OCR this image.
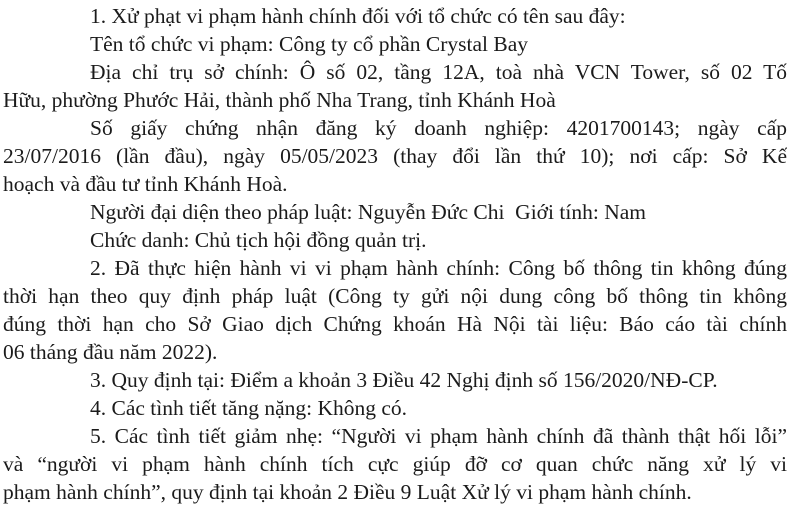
1. Xử phạt vi phạm hành chính đối với tổ chức có tên sau đây:
Tên tổ chức vi phạm: Công ty cổ phần Crystal Bay
Địa chỉ trụ sở chính: Ô số 02, tầng 12A, toà nhà VCN Tower, số 02 Tố
Hữu, phường Phước Hải, thành phố Nha Trang, tỉnh Khánh Hoà
Số giấy chứng nhận đăng ký doanh nghiệp: 4201700143; ngày cấp
23/07/2016 (lần đầu), ngày 05/05/2023 (thay đổi lần thứ 10); nơi cấp: Sở Kế
hoạch và đầu tư tỉnh Khánh Hoà.
Người đại diện theo pháp luật: Nguyễn Đức Chi  Giới tính: Nam
Chức danh: Chủ tịch hội đồng quản trị.
2. Đã thực hiện hành vi vi phạm hành chính: Công bố thông tin không đúng
thời hạn theo quy định pháp luật (Công ty gửi nội dung công bố thông tin không
đúng thời hạn cho Sở Giao dịch Chứng khoán Hà Nội tài liệu: Báo cáo tài chính
06 tháng đầu năm 2022).
3. Quy định tại: Điểm a khoản 3 Điều 42 Nghị định số 156/2020/NĐ-CP.
4. Các tình tiết tăng nặng: Không có.
5. Các tình tiết giảm nhẹ: “Người vi phạm hành chính đã thành thật hối lỗi”
và “người vi phạm hành chính tích cực giúp đỡ cơ quan chức năng xử lý vi
phạm hành chính”, quy định tại khoản 2 Điều 9 Luật Xử lý vi phạm hành chính.
